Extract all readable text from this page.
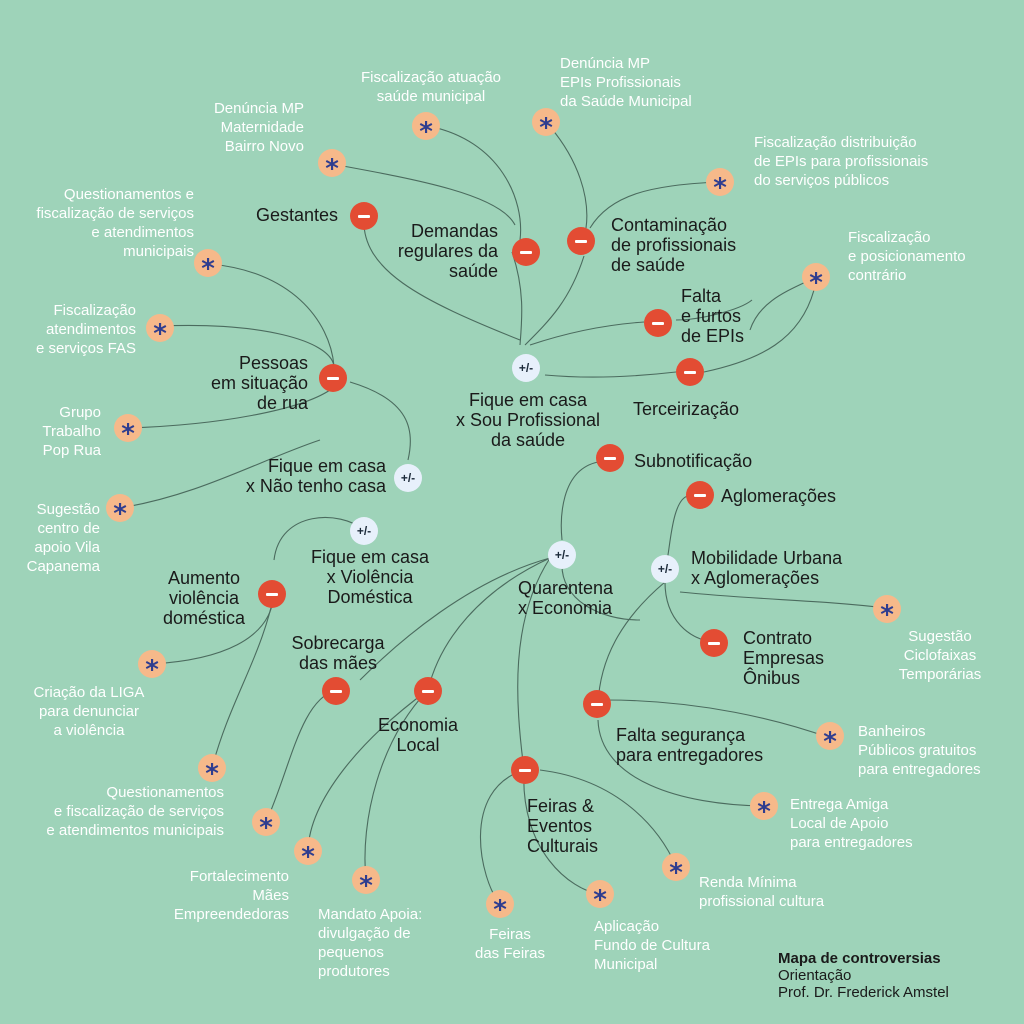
+/-
+/-
+/-
+/-
+/-
*	*
*
*
*	*
*
*
*
*
*
*
*
*
*
*
*
*	*
*
Gestantes
Demandas
regulares da
saúde
Contaminação
de profissionais
de saúde
Falta
e furtos
de EPIs
Terceirização
Fique em casa
x Sou Profissional
da saúde
Pessoas
em situação
de rua
Fique em casa
x Não tenho casa
Subnotificação
Aglomerações
Fique em casa
x Violência
Doméstica	Quarentena
x Economia
Mobilidade Urbana
x Aglomerações
Aumento
violência
doméstica
Contrato
Empresas
Ônibus
Sobrecarga
das mães
Economia
Local	Falta segurança
para entregadores
Feiras &
Eventos
Culturais
Fiscalização atuação
saúde municipal
Denúncia MP
EPIs Profissionais
da Saúde Municipal
Denúncia MP
Maternidade
Bairro Novo	Fiscalização distribuição
de EPIs para profissionais
do serviços públicos
Questionamentos e
fiscalização de serviços
e atendimentos
municipais
Fiscalização
e posicionamento
contrário
Fiscalização
atendimentos
e serviços FAS
Grupo
Trabalho
Pop Rua
Sugestão
centro de
apoio Vila
Capanema
Sugestão
Ciclofaixas
Temporárias
Criação da LIGA
para denunciar
a violência	Banheiros
Públicos gratuitos
para entregadores
Questionamentos
e fiscalização de serviços
e atendimentos municipais
Entrega Amiga
Local de Apoio
para entregadores
Fortalecimento
Mães
Empreendedoras
Renda Mínima
profissional cultura
Mandato Apoia:
divulgação de
pequenos
produtores
Aplicação
Fundo de Cultura
Municipal
Feiras
das Feiras	Mapa de controversias
Orientação
Prof. Dr. Frederick Amstel
